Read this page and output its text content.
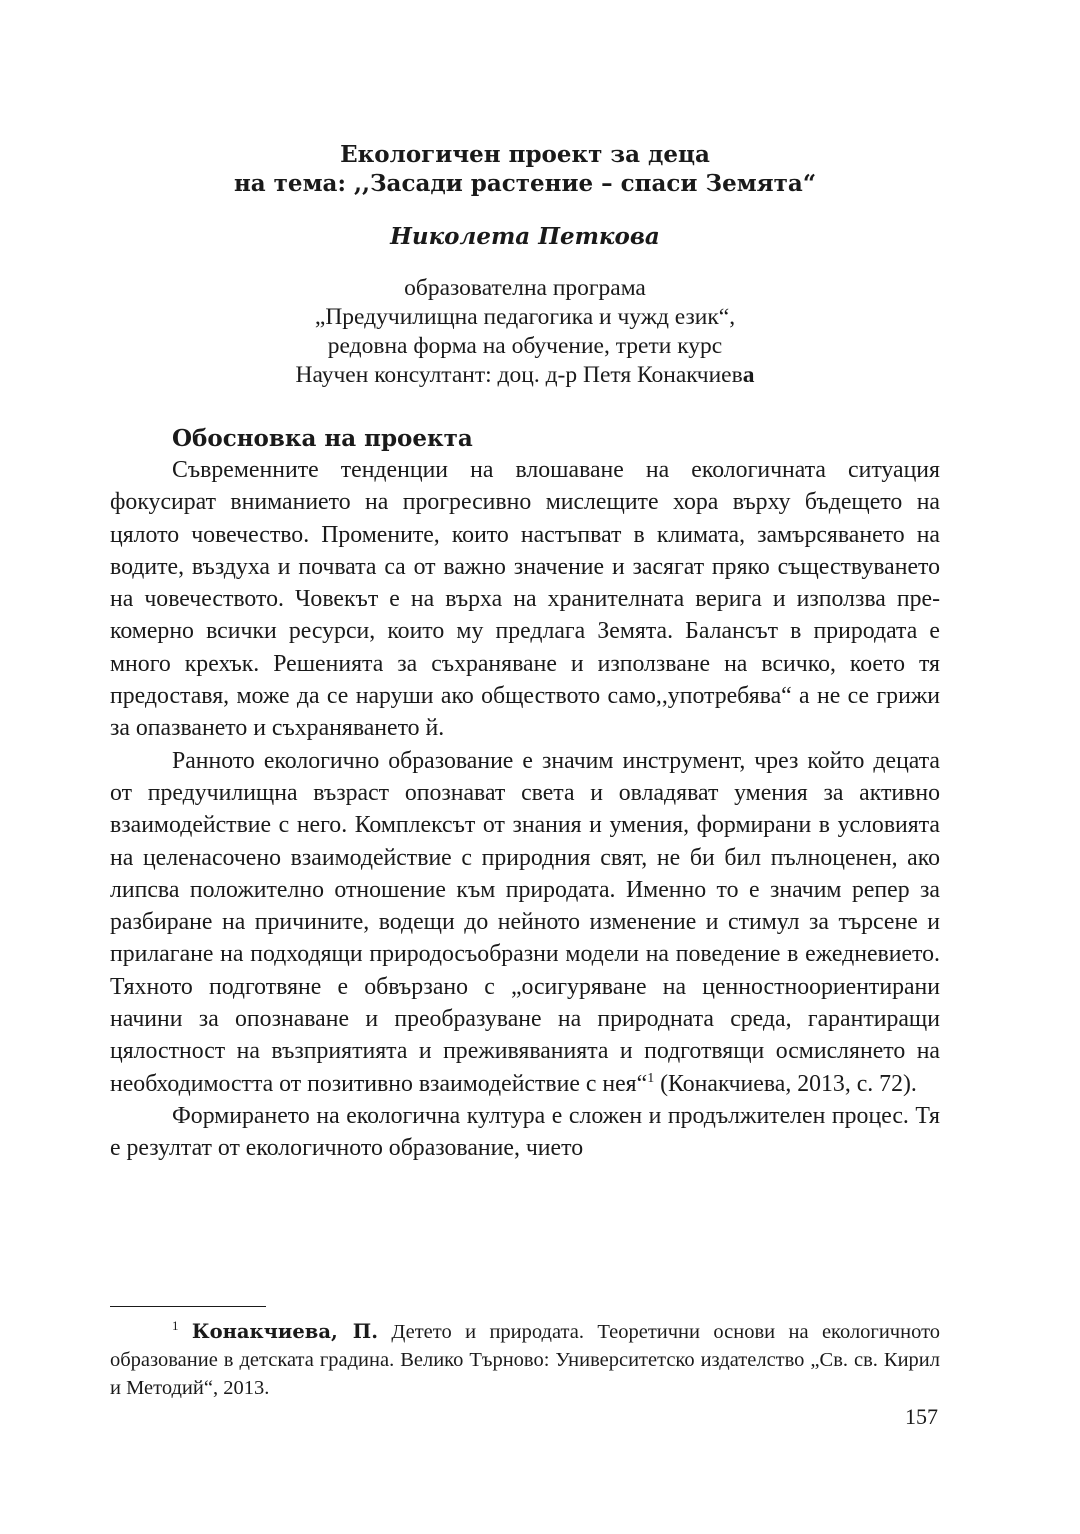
Екологичен проект за деца

на тема: ,,Засади растение – спаси Земята“

Николета Петкова

образователна програма
„Предучилищна педагогика и чужд език“,
редовна форма на обучение, трети курс
Научен консултант: доц. д-р Петя Конакчиева
Обосновка на проекта

Съвременните тенденции на влошаване на екологичната ситуация фокусират вниманието на прогресивно мислещите хора върху бъдещето на цялото човечество. Промените, които настъпват в климата, замърсяването на водите, въздуха и почвата са от важно значение и засягат пряко съществуването на човечеството. Човекът е на върха на хранителната верига и използва прекомерно всички ресурси, които му предлага Земята. Балансът в природата е много крехък. Решенията за съхраняване и използване на всичко, което тя предоставя, може да се наруши ако обществото само,,употребява“ а не се грижи за опазването и съхраняването й.

Ранното екологично образование е значим инструмент, чрез който децата от предучилищна възраст опознават света и овладяват умения за активно взаимодействие с него. Комплексът от знания и умения, формирани в условията на целенасочено взаимодействие с природния свят, не би бил пълноценен, ако липсва положително отношение към природата. Именно то е значим репер за разбиране на причините, водещи до нейното изменение и стимул за търсене и прилагане на подходящи природосъобразни модели на поведение в ежедневието. Тяхното подготвяне е обвързано с „осигуряване на ценностноориентирани начини за опознаване и преобразуване на природната среда, гарантиращи цялостност на възприятията и преживяванията и подготвящи осмислянето на необходимостта от позитивно взаимодействие с нея“$^1$ (Конакчиева, 2013, с. 72).

Формирането на екологична култура е сложен и продължителен процес. Тя е резултат от екологичното образование, чието

$^1$ Конакчиева, П. Детето и природата. Теоретични основи на екологичното образование в детската градина. Велико Търново: Университетско издателство „Св. св. Кирил и Методий“, 2013.
157
